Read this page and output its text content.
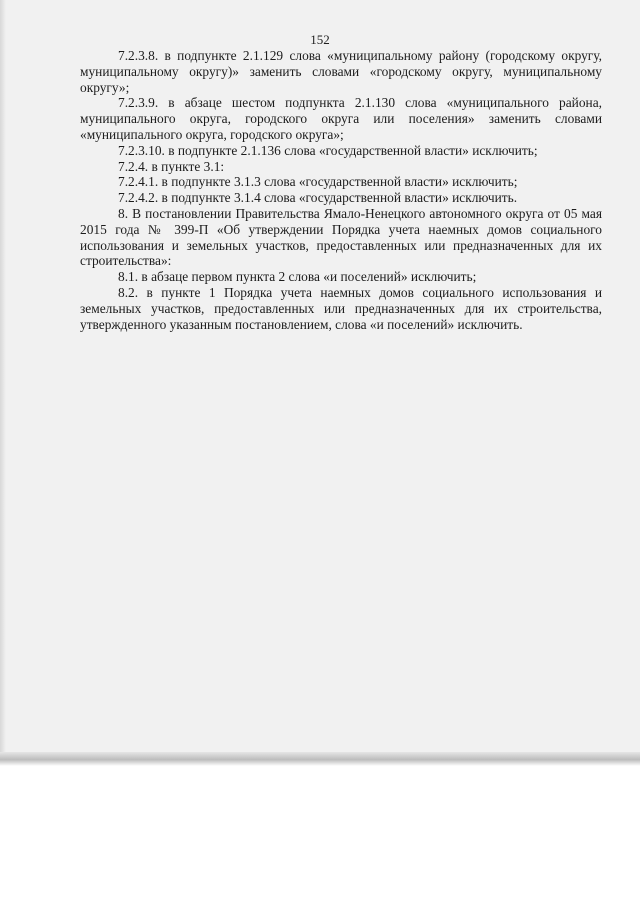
152

7.2.3.8. в подпункте 2.1.129 слова «муниципальному району (городскому округу, муниципальному округу)» заменить словами «городскому округу, муниципальному округу»;

7.2.3.9. в абзаце шестом подпункта 2.1.130 слова «муниципального района, муниципального округа, городского округа или поселения» заменить словами «муниципального округа, городского округа»;

7.2.3.10. в подпункте 2.1.136 слова «государственной власти» исключить;

7.2.4. в пункте 3.1:

7.2.4.1. в подпункте 3.1.3 слова «государственной власти» исключить;

7.2.4.2. в подпункте 3.1.4 слова «государственной власти» исключить.

8. В постановлении Правительства Ямало-Ненецкого автономного округа от 05 мая 2015 года № 399-П «Об утверждении Порядка учета наемных домов социального использования и земельных участков, предоставленных или предназначенных для их строительства»:

8.1. в абзаце первом пункта 2 слова «и поселений» исключить;

8.2. в пункте 1 Порядка учета наемных домов социального использования и земельных участков, предоставленных или предназначенных для их строительства, утвержденного указанным постановлением, слова «и поселений» исключить.
